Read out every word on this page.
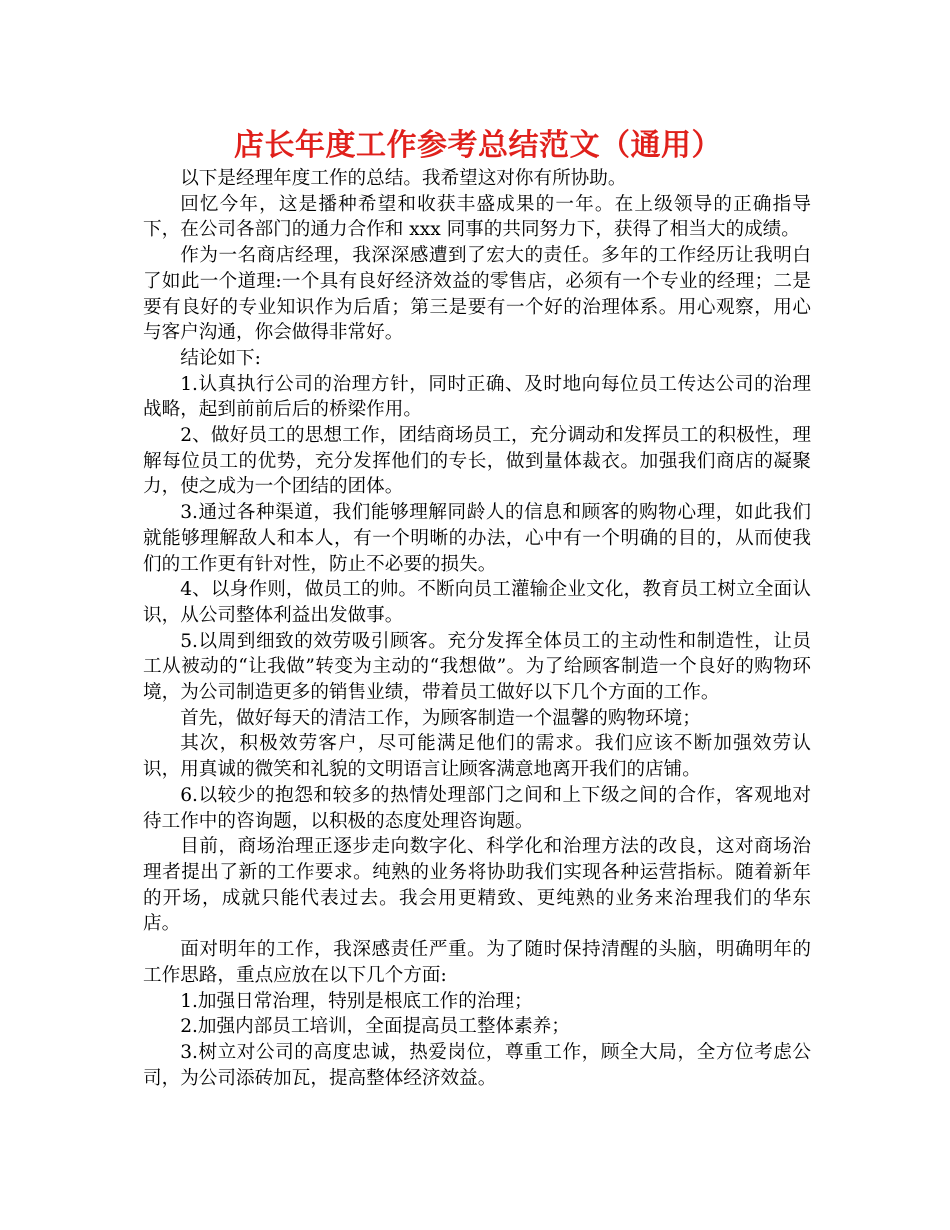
店长年度工作参考总结范文（通用）

以下是经理年度工作的总结。我希望这对你有所协助。

回忆今年，这是播种希望和收获丰盛成果的一年。在上级领导的正确指导下，在公司各部门的通力合作和 xxx 同事的共同努力下，获得了相当大的成绩。

作为一名商店经理，我深深感遭到了宏大的责任。多年的工作经历让我明白了如此一个道理:一个具有良好经济效益的零售店，必须有一个专业的经理；二是要有良好的专业知识作为后盾；第三是要有一个好的治理体系。用心观察，用心与客户沟通，你会做得非常好。

结论如下:

1.认真执行公司的治理方针，同时正确、及时地向每位员工传达公司的治理战略，起到前前后后的桥梁作用。

2、做好员工的思想工作，团结商场员工，充分调动和发挥员工的积极性，理解每位员工的优势，充分发挥他们的专长，做到量体裁衣。加强我们商店的凝聚力，使之成为一个团结的团体。

3.通过各种渠道，我们能够理解同龄人的信息和顾客的购物心理，如此我们就能够理解敌人和本人，有一个明晰的办法，心中有一个明确的目的，从而使我们的工作更有针对性，防止不必要的损失。

4、以身作则，做员工的帅。不断向员工灌输企业文化，教育员工树立全面认识，从公司整体利益出发做事。

5.以周到细致的效劳吸引顾客。充分发挥全体员工的主动性和制造性，让员工从被动的“让我做”转变为主动的“我想做”。为了给顾客制造一个良好的购物环境，为公司制造更多的销售业绩，带着员工做好以下几个方面的工作。

首先，做好每天的清洁工作，为顾客制造一个温馨的购物环境；

其次，积极效劳客户，尽可能满足他们的需求。我们应该不断加强效劳认识，用真诚的微笑和礼貌的文明语言让顾客满意地离开我们的店铺。

6.以较少的抱怨和较多的热情处理部门之间和上下级之间的合作，客观地对待工作中的咨询题，以积极的态度处理咨询题。

目前，商场治理正逐步走向数字化、科学化和治理方法的改良，这对商场治理者提出了新的工作要求。纯熟的业务将协助我们实现各种运营指标。随着新年的开场，成就只能代表过去。我会用更精致、更纯熟的业务来治理我们的华东店。

面对明年的工作，我深感责任严重。为了随时保持清醒的头脑，明确明年的工作思路，重点应放在以下几个方面:

1.加强日常治理，特别是根底工作的治理；

2.加强内部员工培训，全面提高员工整体素养；

3.树立对公司的高度忠诚，热爱岗位，尊重工作，顾全大局，全方位考虑公司，为公司添砖加瓦，提高整体经济效益。
